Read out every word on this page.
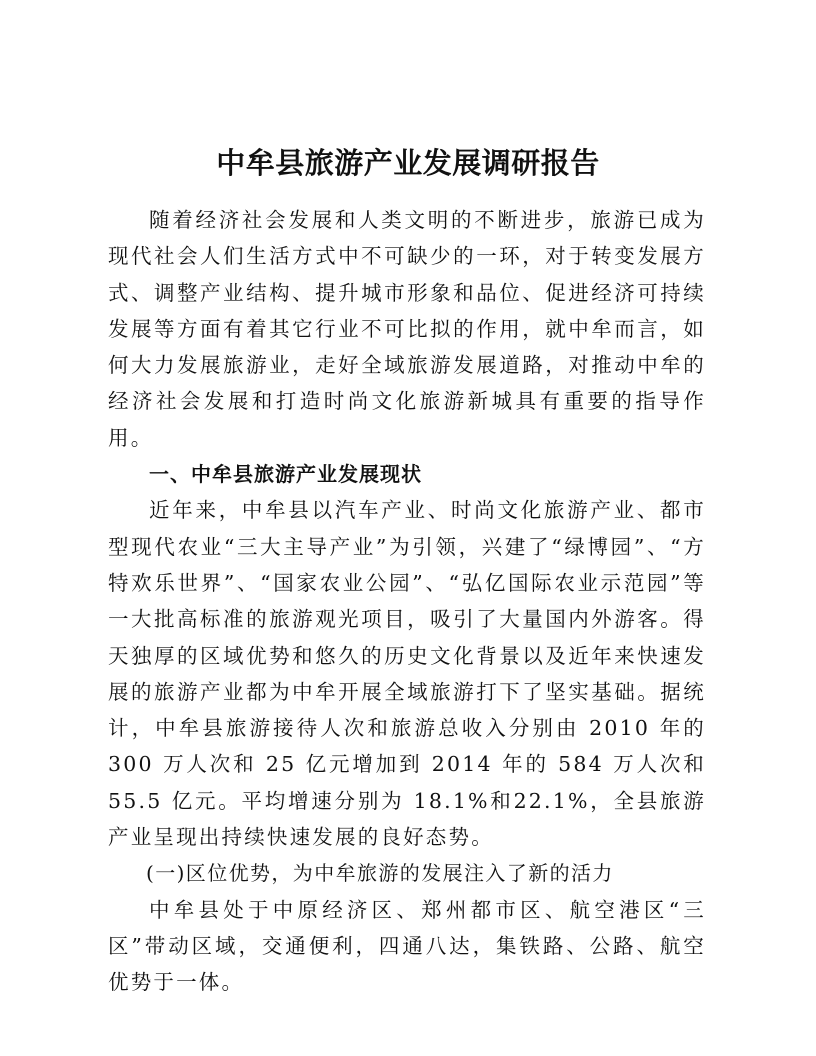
中牟县旅游产业发展调研报告

随着经济社会发展和人类文明的不断进步，旅游已成为现代社会人们生活方式中不可缺少的一环，对于转变发展方式、调整产业结构、提升城市形象和品位、促进经济可持续发展等方面有着其它行业不可比拟的作用，就中牟而言，如何大力发展旅游业，走好全域旅游发展道路，对推动中牟的经济社会发展和打造时尚文化旅游新城具有重要的指导作用。

一、中牟县旅游产业发展现状

近年来，中牟县以汽车产业、时尚文化旅游产业、都市型现代农业“三大主导产业”为引领，兴建了“绿博园”、“方特欢乐世界”、“国家农业公园”、“弘亿国际农业示范园”等一大批高标准的旅游观光项目，吸引了大量国内外游客。得天独厚的区域优势和悠久的历史文化背景以及近年来快速发展的旅游产业都为中牟开展全域旅游打下了坚实基础。据统计，中牟县旅游接待人次和旅游总收入分别由 2010 年的 300 万人次和 25 亿元增加到 2014 年的 584 万人次和 55.5 亿元。平均增速分别为 18.1%和22.1%，全县旅游产业呈现出持续快速发展的良好态势。

(一)区位优势，为中牟旅游的发展注入了新的活力

中牟县处于中原经济区、郑州都市区、航空港区“三区”带动区域，交通便利，四通八达，集铁路、公路、航空优势于一体。
